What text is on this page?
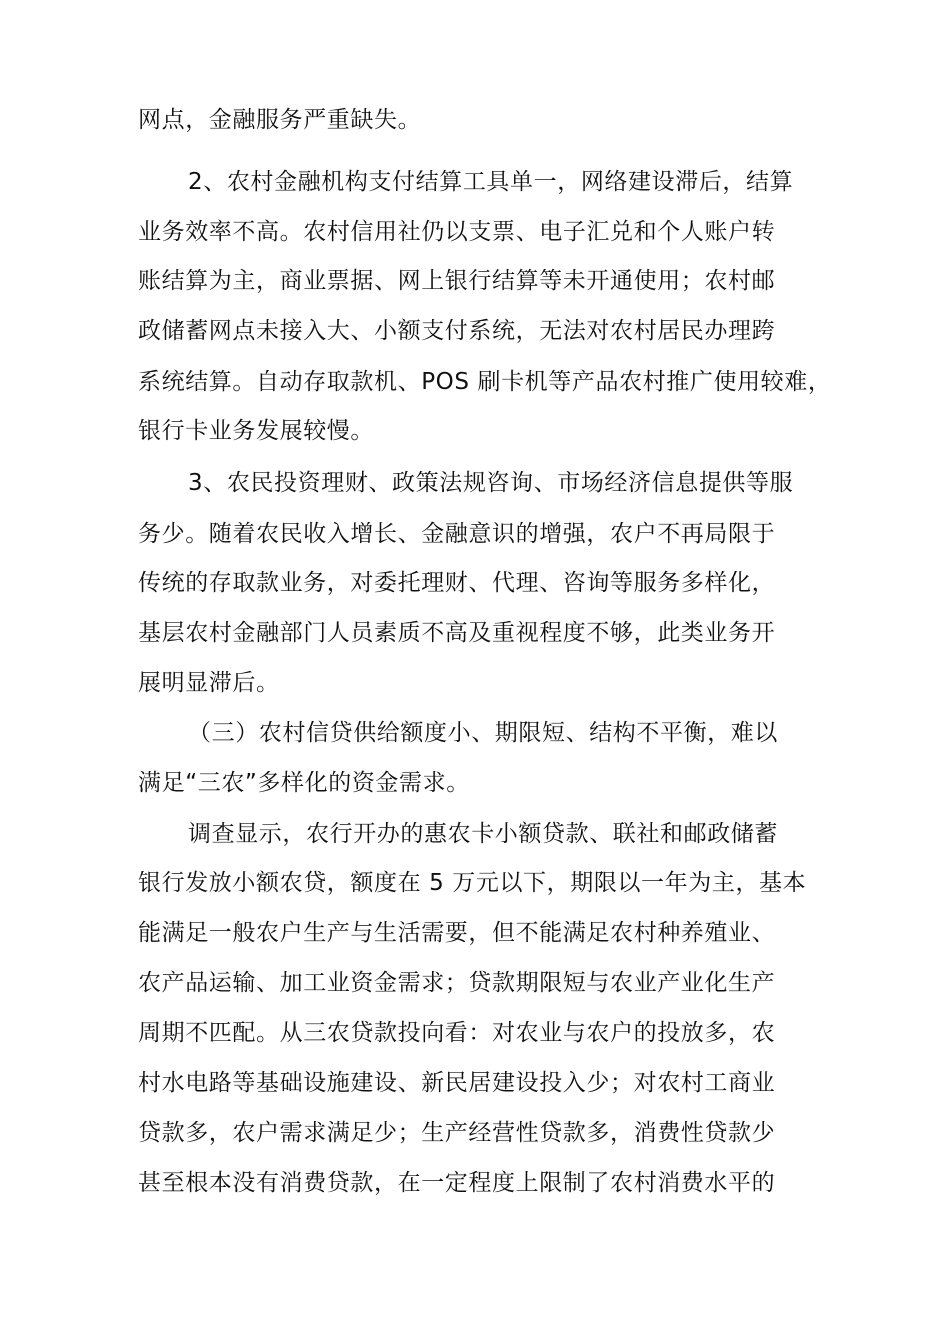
网点，金融服务严重缺失。
2、农村金融机构支付结算工具单一，网络建设滞后，结算
业务效率不高。农村信用社仍以支票、电子汇兑和个人账户转
账结算为主，商业票据、网上银行结算等未开通使用；农村邮
政储蓄网点未接入大、小额支付系统，无法对农村居民办理跨
系统结算。自动存取款机、POS 刷卡机等产品农村推广使用较难，
银行卡业务发展较慢。
3、农民投资理财、政策法规咨询、市场经济信息提供等服
务少。随着农民收入增长、金融意识的增强，农户不再局限于
传统的存取款业务，对委托理财、代理、咨询等服务多样化，
基层农村金融部门人员素质不高及重视程度不够，此类业务开
展明显滞后。
（三）农村信贷供给额度小、期限短、结构不平衡，难以
满足“三农”多样化的资金需求。
调查显示，农行开办的惠农卡小额贷款、联社和邮政储蓄
银行发放小额农贷，额度在 5 万元以下，期限以一年为主，基本
能满足一般农户生产与生活需要，但不能满足农村种养殖业、
农产品运输、加工业资金需求；贷款期限短与农业产业化生产
周期不匹配。从三农贷款投向看：对农业与农户的投放多，农
村水电路等基础设施建设、新民居建设投入少；对农村工商业
贷款多，农户需求满足少；生产经营性贷款多，消费性贷款少
甚至根本没有消费贷款，在一定程度上限制了农村消费水平的
